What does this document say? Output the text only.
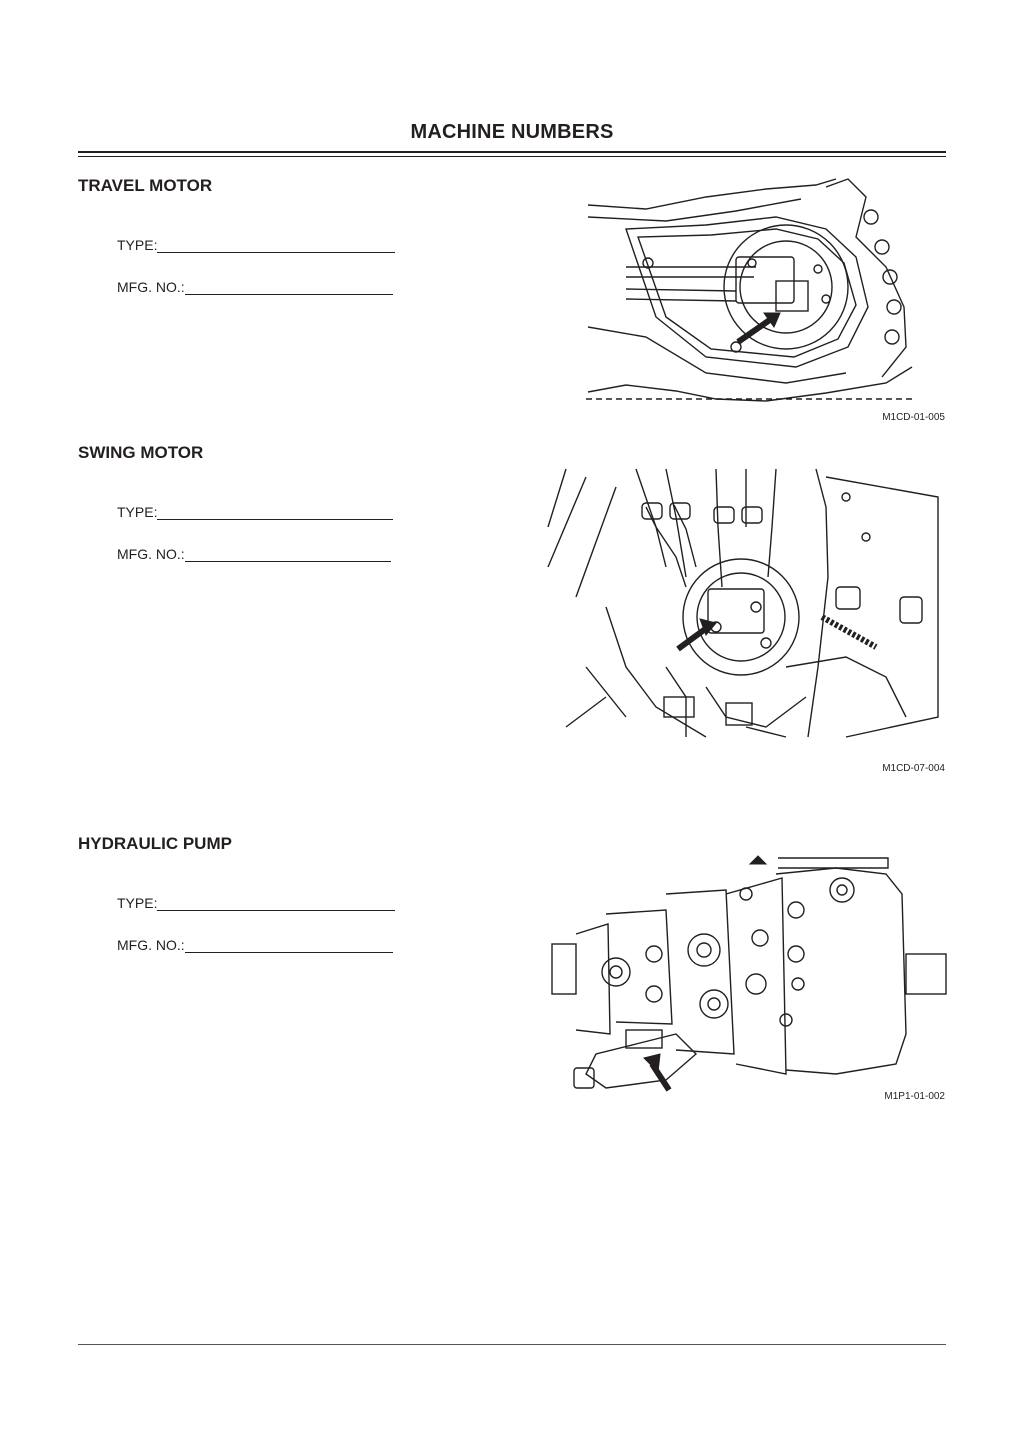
MACHINE NUMBERS
TRAVEL MOTOR
TYPE:
MFG. NO.:
M1CD-01-005
SWING MOTOR
TYPE:
MFG. NO.:
M1CD-07-004
HYDRAULIC PUMP
TYPE:
MFG. NO.:
M1P1-01-002
